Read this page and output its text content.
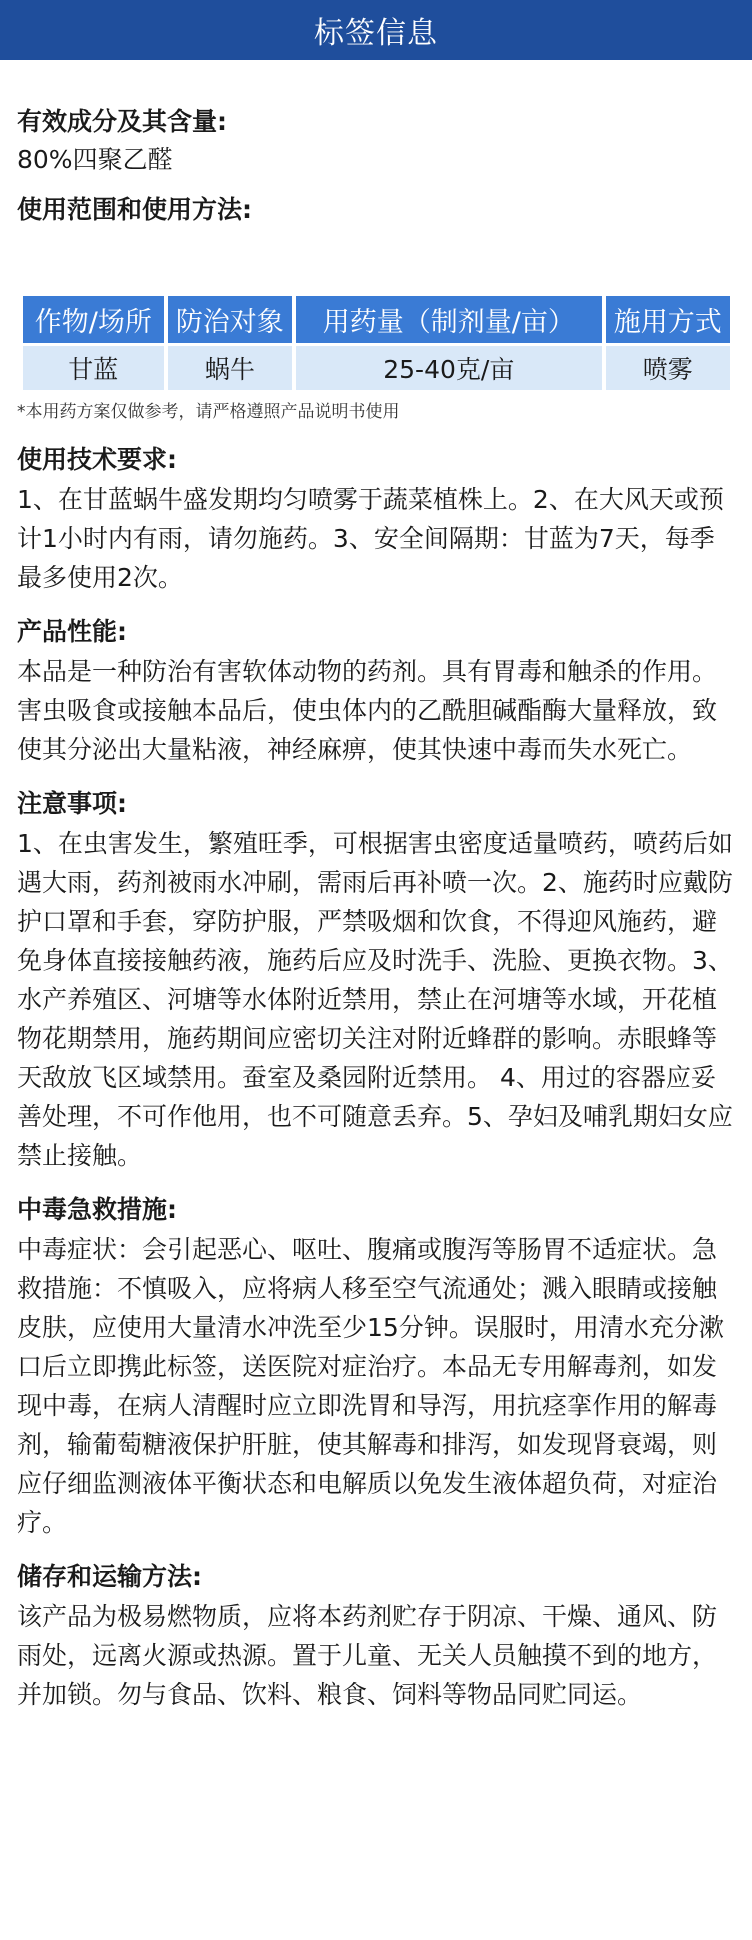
标签信息

有效成分及其含量:

80%四聚乙醛

使用范围和使用方法:

作物/场所	防治对象	用药量（制剂量/亩）	施用方式
甘蓝	蜗牛	25-40克/亩	喷雾
*本用药方案仅做参考，请严格遵照产品说明书使用

使用技术要求:

1、在甘蓝蜗牛盛发期均匀喷雾于蔬菜植株上。2、在大风天或预计1小时内有雨，请勿施药。3、安全间隔期：甘蓝为7天，每季最多使用2次。

产品性能:

本品是一种防治有害软体动物的药剂。具有胃毒和触杀的作用。害虫吸食或接触本品后，使虫体内的乙酰胆碱酯酶大量释放，致使其分泌出大量粘液，神经麻痹，使其快速中毒而失水死亡。

注意事项:

1、在虫害发生，繁殖旺季，可根据害虫密度适量喷药，喷药后如遇大雨，药剂被雨水冲刷，需雨后再补喷一次。2、施药时应戴防护口罩和手套，穿防护服，严禁吸烟和饮食，不得迎风施药，避免身体直接接触药液，施药后应及时洗手、洗脸、更换衣物。3、水产养殖区、河塘等水体附近禁用，禁止在河塘等水域，开花植物花期禁用，施药期间应密切关注对附近蜂群的影响。赤眼蜂等天敌放飞区域禁用。蚕室及桑园附近禁用。 4、用过的容器应妥善处理，不可作他用，也不可随意丢弃。5、孕妇及哺乳期妇女应禁止接触。

中毒急救措施:

中毒症状：会引起恶心、呕吐、腹痛或腹泻等肠胃不适症状。急救措施：不慎吸入，应将病人移至空气流通处；溅入眼睛或接触皮肤，应使用大量清水冲洗至少15分钟。误服时，用清水充分漱口后立即携此标签，送医院对症治疗。本品无专用解毒剂，如发现中毒，在病人清醒时应立即洗胃和导泻，用抗痉挛作用的解毒剂，输葡萄糖液保护肝脏，使其解毒和排泻，如发现肾衰竭，则应仔细监测液体平衡状态和电解质以免发生液体超负荷，对症治疗。

储存和运输方法:

该产品为极易燃物质，应将本药剂贮存于阴凉、干燥、通风、防雨处，远离火源或热源。置于儿童、无关人员触摸不到的地方，并加锁。勿与食品、饮料、粮食、饲料等物品同贮同运。
